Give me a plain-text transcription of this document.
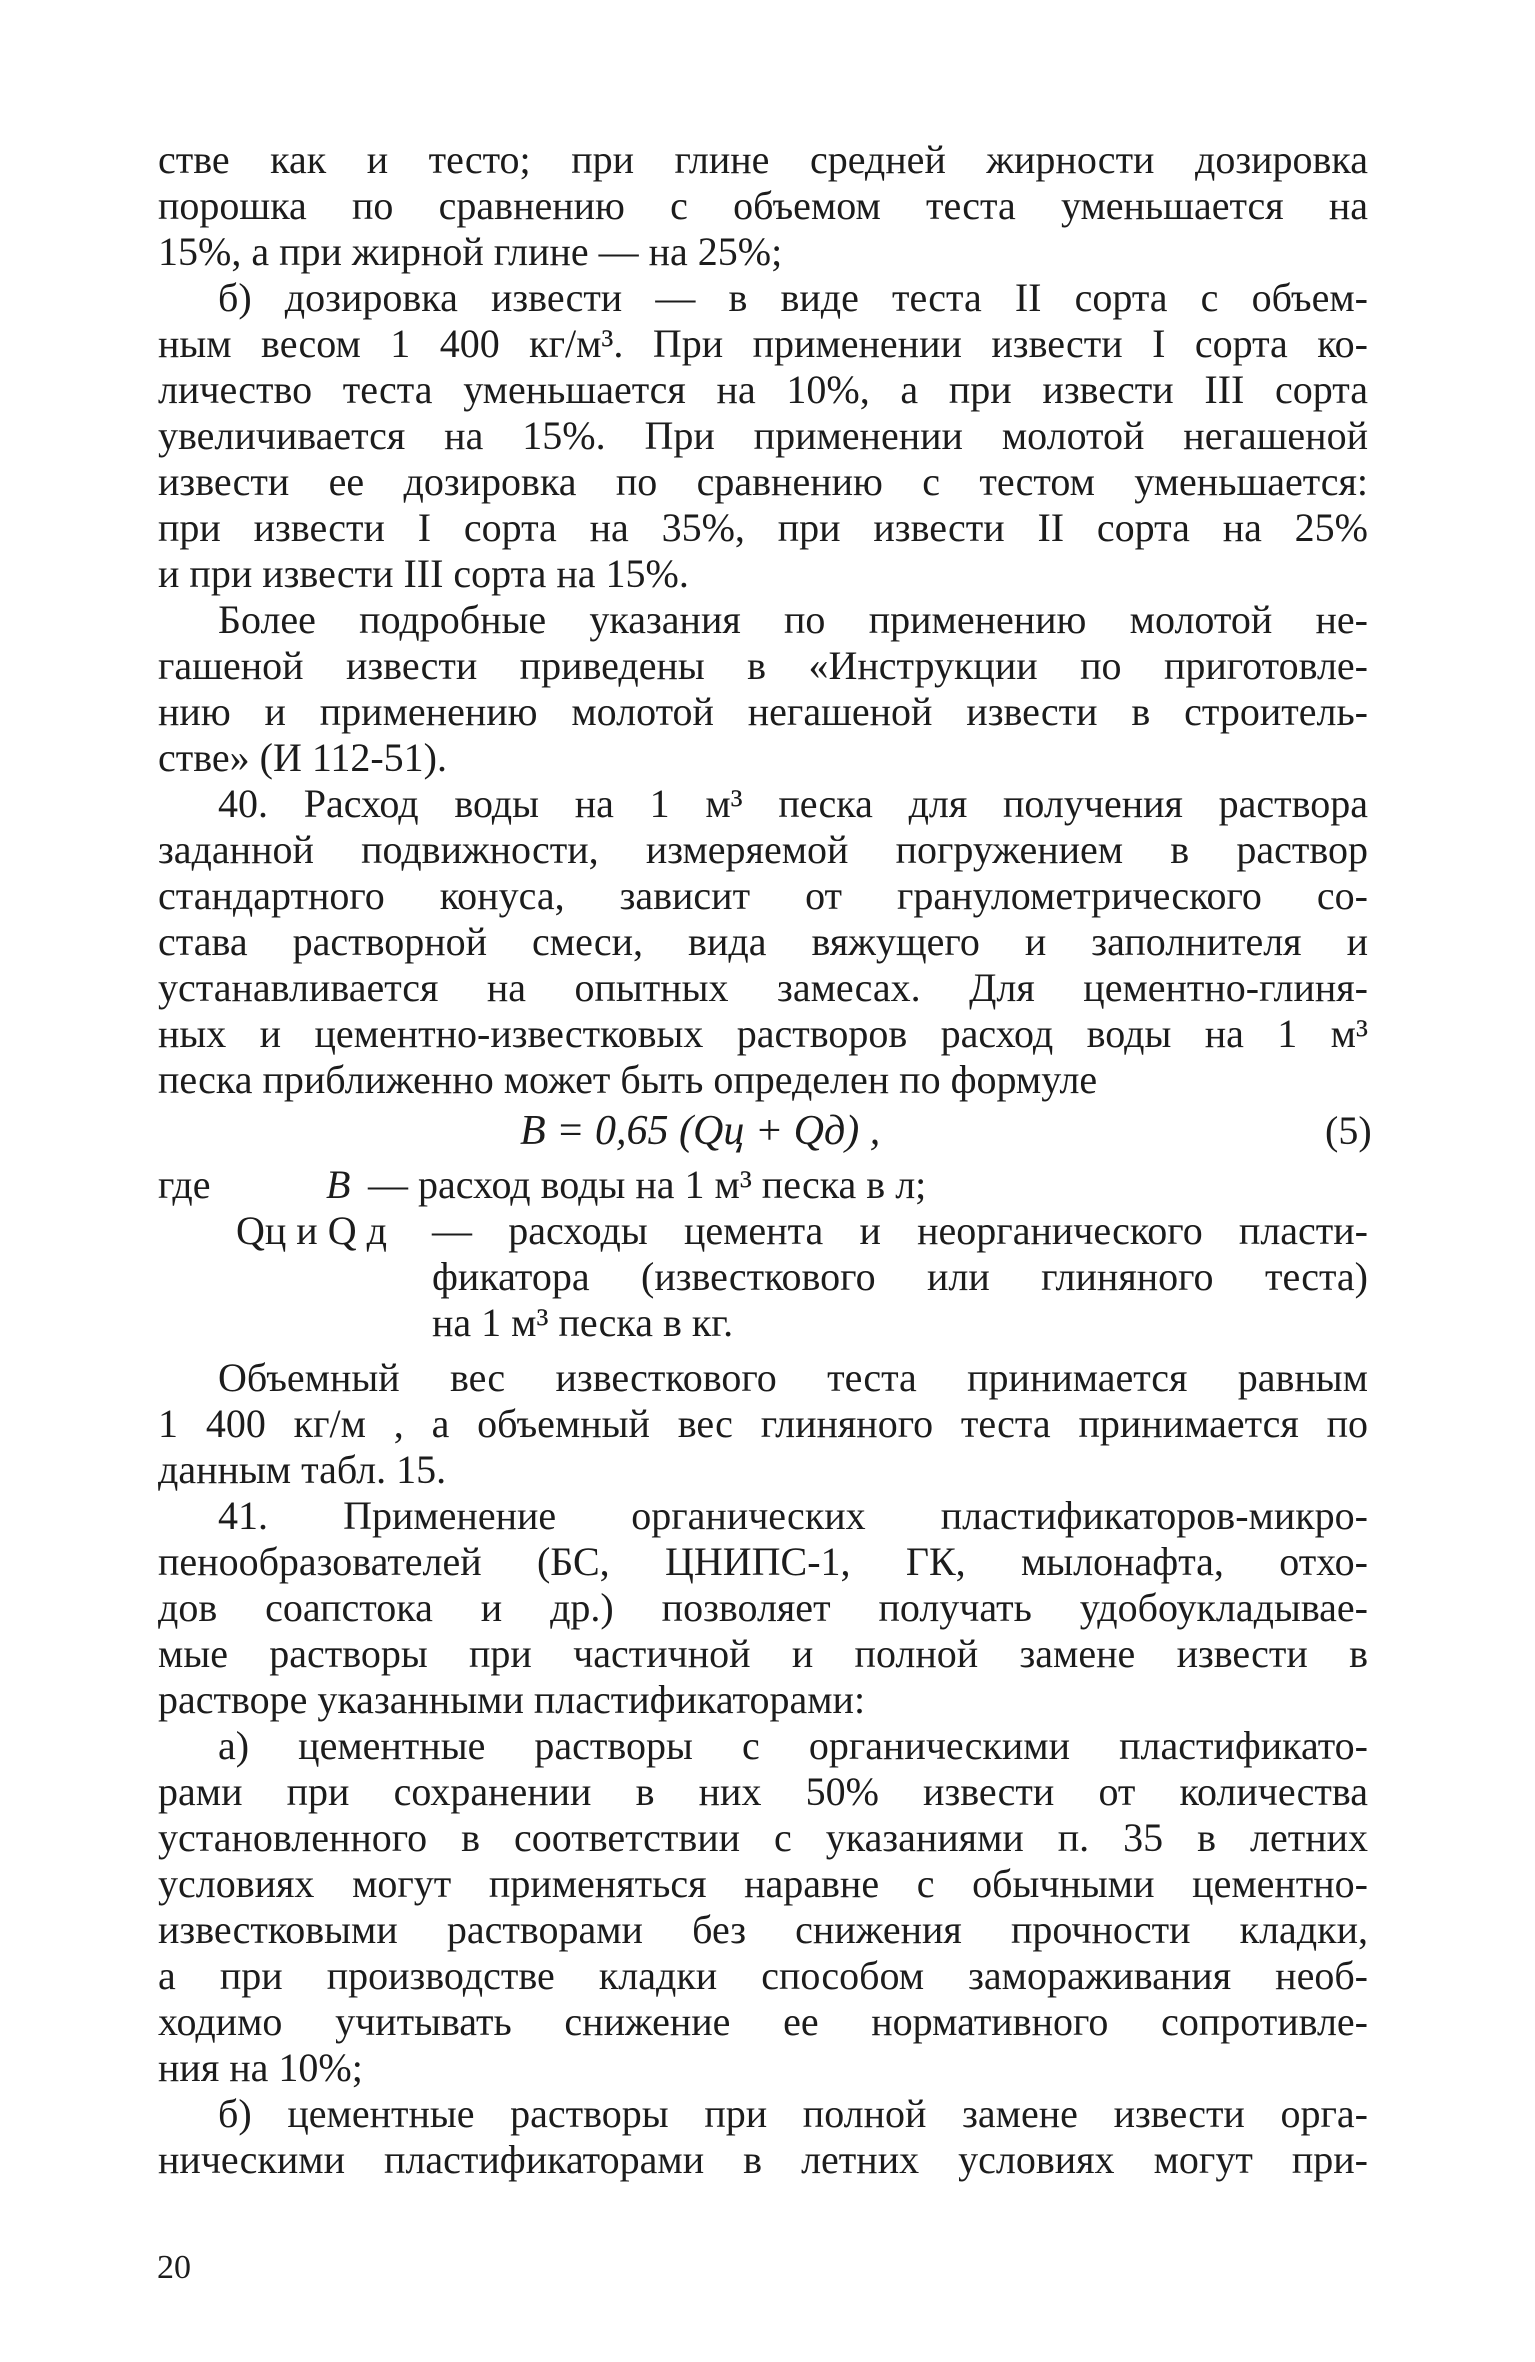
стве как и тесто; при глине средней жирности дозировка
порошка по сравнению с объемом теста уменьшается на
15%, а при жирной глине — на 25%;
б) дозировка извести — в виде теста II сорта с объем-
ным весом 1 400 кг/м³. При применении извести I сорта ко-
личество теста уменьшается на 10%, а при извести III сорта
увеличивается на 15%. При применении молотой негашеной
извести ее дозировка по сравнению с тестом уменьшается:
при извести I сорта на 35%, при извести II сорта на 25%
и при извести III сорта на 15%.
Более подробные указания по применению молотой не-
гашеной извести приведены в «Инструкции по приготовле-
нию и применению молотой негашеной извести в строитель-
стве» (И 112-51).
40. Расход воды на 1 м³ песка для получения раствора
заданной подвижности, измеряемой погружением в раствор
стандартного конуса, зависит от гранулометрического со-
става растворной смеси, вида вяжущего и заполнителя и
устанавливается на опытных замесах. Для цементно-глиня-
ных и цементно-известковых растворов расход воды на 1 м³
песка приближенно может быть определен по формуле
B = 0,65 (Qц + Qд) ,	(5)
где	B — расход воды на 1 м³ песка в л;
Qц и Q д — расходы цемента и неорганического пласти-
фикатора (известкового или глиняного теста)
на 1 м³ песка в кг.
Объемный вес известкового теста принимается равным
1 400 кг/м , а объемный вес глиняного теста принимается по
данным табл. 15.
41. Применение органических пластификаторов-микро-
пенообразователей (БС, ЦНИПС-1, ГК, мылонафта, отхо-
дов соапстока и др.) позволяет получать удобоукладывае-
мые растворы при частичной и полной замене извести в
растворе указанными пластификаторами:
а) цементные растворы с органическими пластификато-
рами при сохранении в них 50% извести от количества
установленного в соответствии с указаниями п. 35 в летних
условиях могут применяться наравне с обычными цементно-
известковыми растворами без снижения прочности кладки,
а при производстве кладки способом замораживания необ-
ходимо учитывать снижение ее нормативного сопротивле-
ния на 10%;
б) цементные растворы при полной замене извести орга-
ническими пластификаторами в летних условиях могут при-
20
